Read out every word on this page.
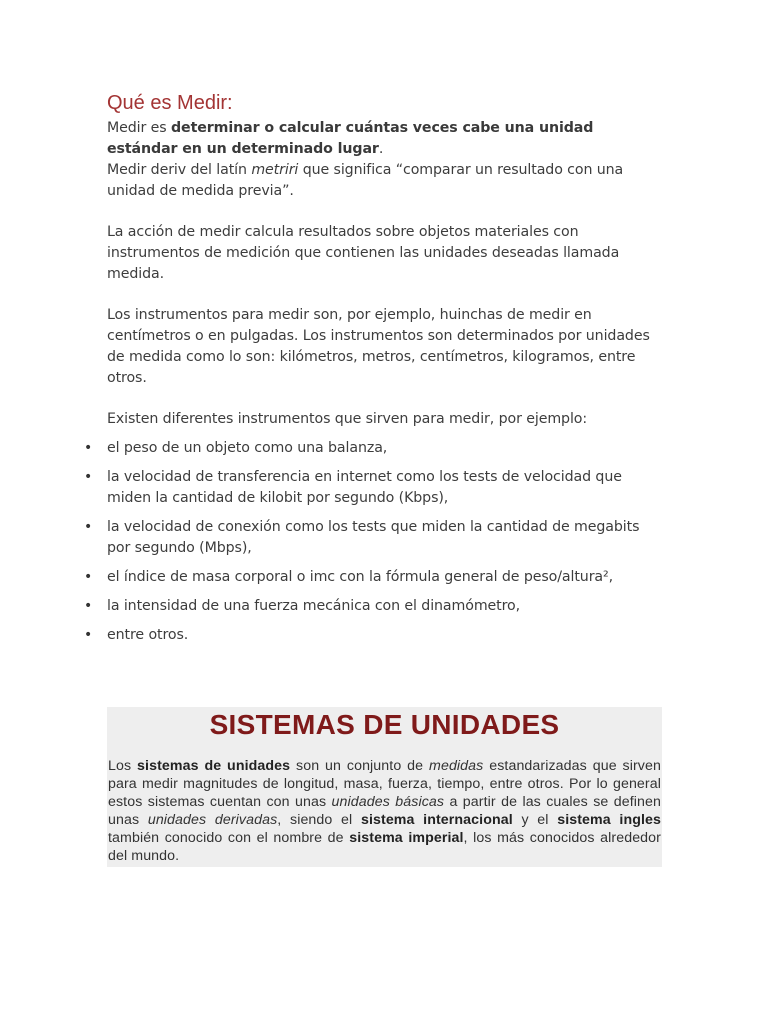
Qué es Medir:

Medir es determinar o calcular cuántas veces cabe una unidad estándar en un determinado lugar.

Medir deriv del latín metriri que significa “comparar un resultado con una unidad de medida previa”.

La acción de medir calcula resultados sobre objetos materiales con instrumentos de medición que contienen las unidades deseadas llamada medida.

Los instrumentos para medir son, por ejemplo, huinchas de medir en centímetros o en pulgadas. Los instrumentos son determinados por unidades de medida como lo son: kilómetros, metros, centímetros, kilogramos, entre otros.

Existen diferentes instrumentos que sirven para medir, por ejemplo:

• el peso de un objeto como una balanza,
• la velocidad de transferencia en internet como los tests de velocidad que miden la cantidad de kilobit por segundo (Kbps),
• la velocidad de conexión como los tests que miden la cantidad de megabits por segundo (Mbps),
• el índice de masa corporal o imc con la fórmula general de peso/altura²,
• la intensidad de una fuerza mecánica con el dinamómetro,
• entre otros.
SISTEMAS DE UNIDADES

Los sistemas de unidades son un conjunto de medidas estandarizadas que sirven para medir magnitudes de longitud, masa, fuerza, tiempo, entre otros. Por lo general estos sistemas cuentan con unas unidades básicas a partir de las cuales se definen unas unidades derivadas, siendo el sistema internacional y el sistema ingles también conocido con el nombre de sistema imperial, los más conocidos alrededor del mundo.
